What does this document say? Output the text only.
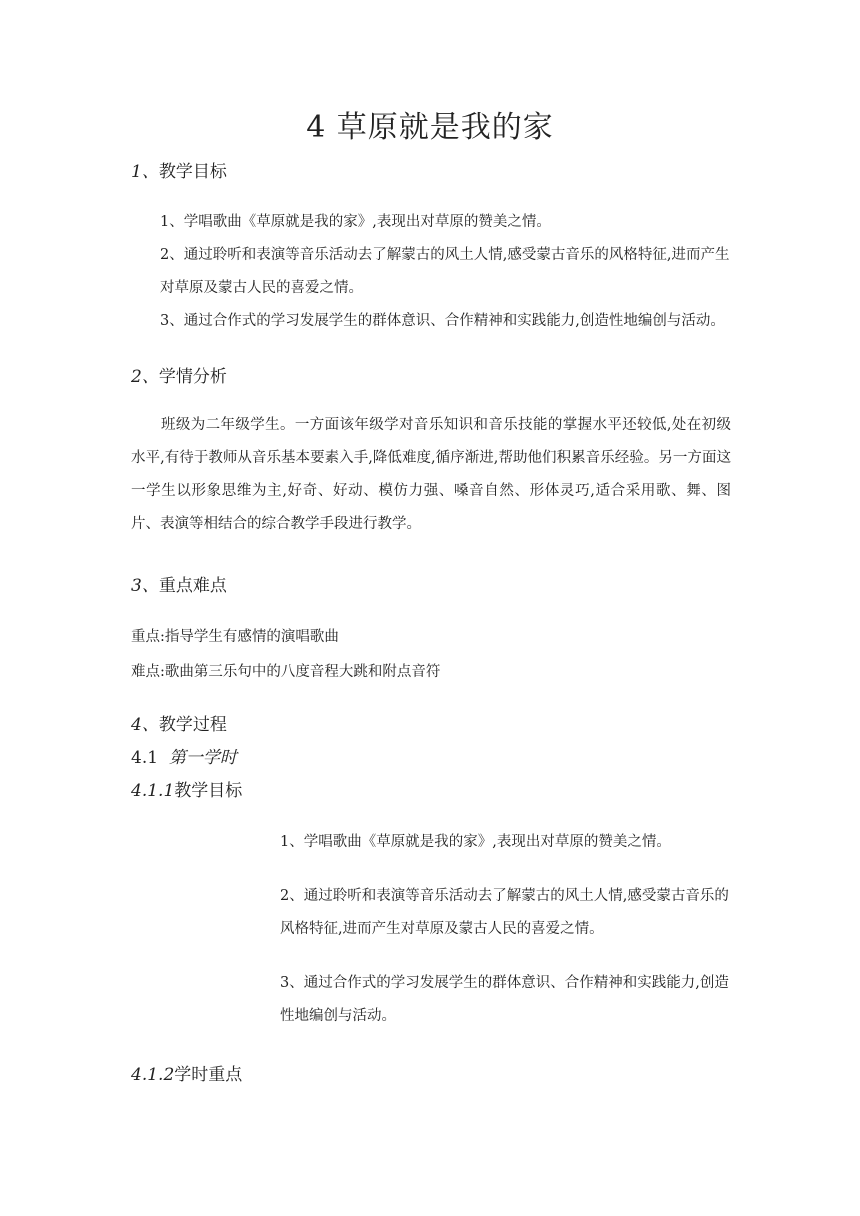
4 草原就是我的家
1、教学目标

1、学唱歌曲《草原就是我的家》,表现出对草原的赞美之情。

2、通过聆听和表演等音乐活动去了解蒙古的风土人情,感受蒙古音乐的风格特征,进而产生对草原及蒙古人民的喜爱之情。

3、通过合作式的学习发展学生的群体意识、合作精神和实践能力,创造性地编创与活动。

2、学情分析

班级为二年级学生。一方面该年级学对音乐知识和音乐技能的掌握水平还较低,处在初级水平,有待于教师从音乐基本要素入手,降低难度,循序渐进,帮助他们积累音乐经验。另一方面这一学生以形象思维为主,好奇、好动、模仿力强、嗓音自然、形体灵巧,适合采用歌、舞、图片、表演等相结合的综合教学手段进行教学。

3、重点难点
重点:指导学生有感情的演唱歌曲
难点:歌曲第三乐句中的八度音程大跳和附点音符
4、教学过程
4.1 第一学时
4.1.1教学目标

1、学唱歌曲《草原就是我的家》,表现出对草原的赞美之情。

2、通过聆听和表演等音乐活动去了解蒙古的风土人情,感受蒙古音乐的风格特征,进而产生对草原及蒙古人民的喜爱之情。

3、通过合作式的学习发展学生的群体意识、合作精神和实践能力,创造性地编创与活动。

4.1.2学时重点
